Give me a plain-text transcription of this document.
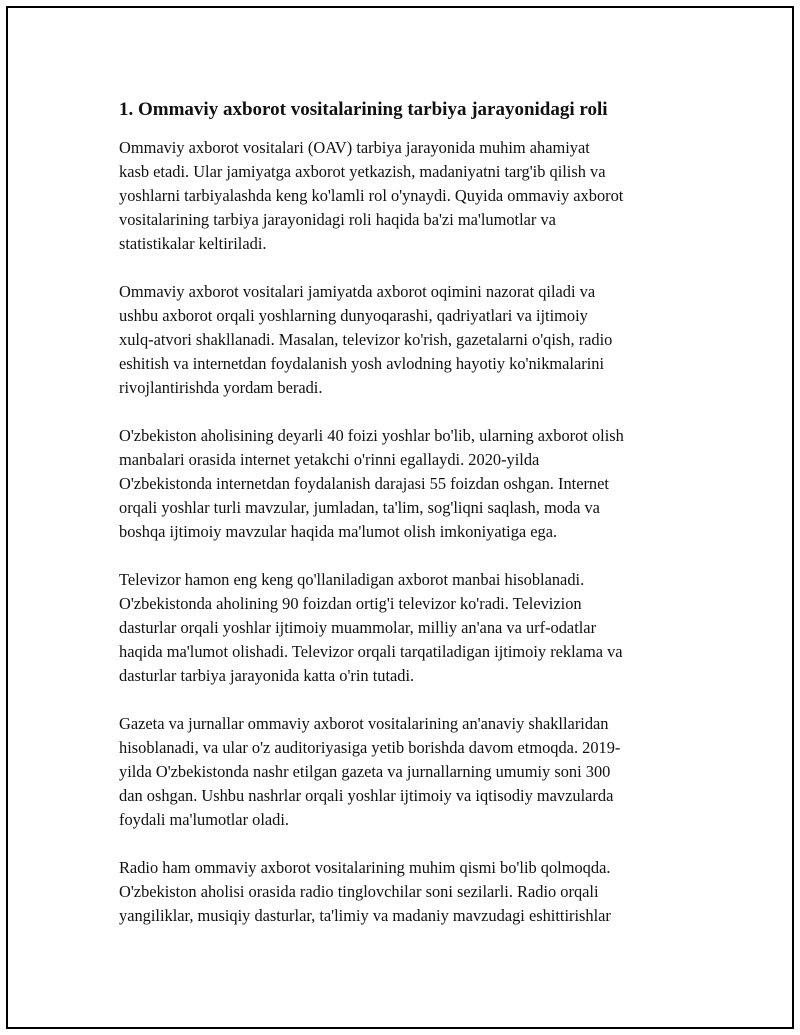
1. Ommaviy axborot vositalarining tarbiya jarayonidagi roli

Ommaviy axborot vositalari (OAV) tarbiya jarayonida muhim ahamiyat
kasb etadi. Ular jamiyatga axborot yetkazish, madaniyatni targ'ib qilish va
yoshlarni tarbiyalashda keng ko'lamli rol o'ynaydi. Quyida ommaviy axborot
vositalarining tarbiya jarayonidagi roli haqida ba'zi ma'lumotlar va
statistikalar keltiriladi.

Ommaviy axborot vositalari jamiyatda axborot oqimini nazorat qiladi va
ushbu axborot orqali yoshlarning dunyoqarashi, qadriyatlari va ijtimoiy
xulq-atvori shakllanadi. Masalan, televizor ko'rish, gazetalarni o'qish, radio
eshitish va internetdan foydalanish yosh avlodning hayotiy ko'nikmalarini
rivojlantirishda yordam beradi.

O'zbekiston aholisining deyarli 40 foizi yoshlar bo'lib, ularning axborot olish
manbalari orasida internet yetakchi o'rinni egallaydi. 2020-yilda
O'zbekistonda internetdan foydalanish darajasi 55 foizdan oshgan. Internet
orqali yoshlar turli mavzular, jumladan, ta'lim, sog'liqni saqlash, moda va
boshqa ijtimoiy mavzular haqida ma'lumot olish imkoniyatiga ega.

Televizor hamon eng keng qo'llaniladigan axborot manbai hisoblanadi.
O'zbekistonda aholining 90 foizdan ortig'i televizor ko'radi. Televizion
dasturlar orqali yoshlar ijtimoiy muammolar, milliy an'ana va urf-odatlar
haqida ma'lumot olishadi. Televizor orqali tarqatiladigan ijtimoiy reklama va
dasturlar tarbiya jarayonida katta o'rin tutadi.

Gazeta va jurnallar ommaviy axborot vositalarining an'anaviy shakllaridan
hisoblanadi, va ular o'z auditoriyasiga yetib borishda davom etmoqda. 2019-
yilda O'zbekistonda nashr etilgan gazeta va jurnallarning umumiy soni 300
dan oshgan. Ushbu nashrlar orqali yoshlar ijtimoiy va iqtisodiy mavzularda
foydali ma'lumotlar oladi.

Radio ham ommaviy axborot vositalarining muhim qismi bo'lib qolmoqda.
O'zbekiston aholisi orasida radio tinglovchilar soni sezilarli. Radio orqali
yangiliklar, musiqiy dasturlar, ta'limiy va madaniy mavzudagi eshittirishlar
